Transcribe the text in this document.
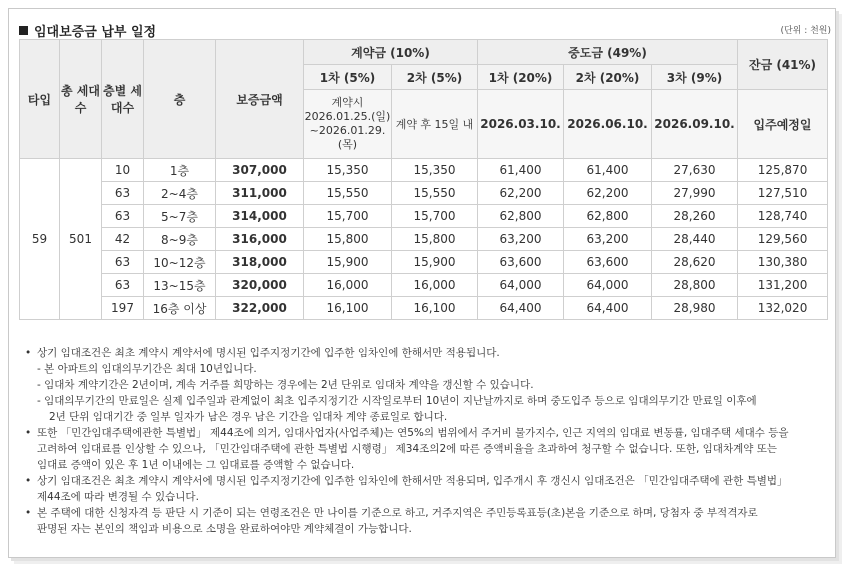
임대보증금 납부 일정	(단위 : 천원)
타입	총 세대수	층별 세대수	층	보증금액	계약금 (10%)		중도금 (49%)			잔금 (41%)
					1차 (5%)	2차 (5%)	1차 (20%)	2차 (20%)	3차 (9%)	
					계약시 2026.01.25.(일) ~2026.01.29.(목)	계약 후 15일 내	2026.03.10.	2026.06.10.	2026.09.10.	입주예정일
59	501	10	1층	307,000	15,350	15,350	61,400	61,400	27,630	125,870
		63	2~4층	311,000	15,550	15,550	62,200	62,200	27,990	127,510
		63	5~7층	314,000	15,700	15,700	62,800	62,800	28,260	128,740
		42	8~9층	316,000	15,800	15,800	63,200	63,200	28,440	129,560
		63	10~12층	318,000	15,900	15,900	63,600	63,600	28,620	130,380
		63	13~15층	320,000	16,000	16,000	64,000	64,000	28,800	131,200
		197	16층 이상	322,000	16,100	16,100	64,400	64,400	28,980	132,020
• 상기 임대조건은 최초 계약시 계약서에 명시된 입주지정기간에 입주한 임차인에 한해서만 적용됩니다.
- 본 아파트의 임대의무기간은 최대 10년입니다.
- 임대차 계약기간은 2년이며, 계속 거주를 희망하는 경우에는 2년 단위로 임대차 계약을 갱신할 수 있습니다.
- 임대의무기간의 만료일은 실제 입주일과 관계없이 최초 입주지정기간 시작일로부터 10년이 지난날까지로 하며 중도입주 등으로 임대의무기간 만료일 이후에
2년 단위 임대기간 중 일부 일자가 남은 경우 남은 기간을 임대차 계약 종료일로 합니다.
• 또한 「민간임대주택에관한 특별법」 제44조에 의거, 임대사업자(사업주체)는 연5%의 범위에서 주거비 물가지수, 인근 지역의 임대료 변동률, 임대주택 세대수 등을
고려하여 임대료를 인상할 수 있으나, 「민간임대주택에 관한 특별법 시행령」 제34조의2에 따른 증액비율을 초과하여 청구할 수 없습니다. 또한, 임대차계약 또는
임대료 증액이 있은 후 1년 이내에는 그 임대료를 증액할 수 없습니다.
• 상기 임대조건은 최초 계약시 계약서에 명시된 입주지정기간에 입주한 임차인에 한해서만 적용되며, 입주개시 후 갱신시 임대조건은 「민간임대주택에 관한 특별법」
제44조에 따라 변경될 수 있습니다.
• 본 주택에 대한 신청자격 등 판단 시 기준이 되는 연령조건은 만 나이를 기준으로 하고, 거주지역은 주민등록표등(초)본을 기준으로 하며, 당첨자 중 부적격자로
판명된 자는 본인의 책임과 비용으로 소명을 완료하여야만 계약체결이 가능합니다.
